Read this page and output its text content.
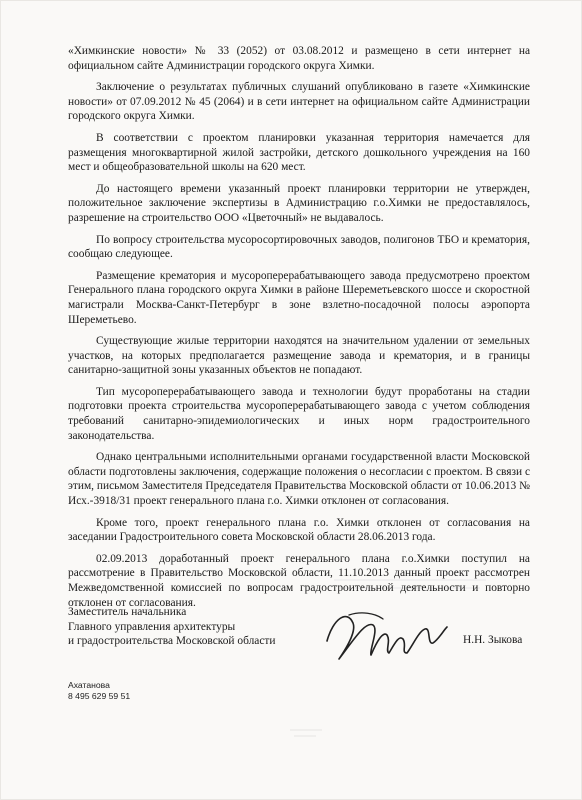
«Химкинские новости» № 33 (2052) от 03.08.2012 и размещено в сети интернет на официальном сайте Администрации городского округа Химки.

Заключение о результатах публичных слушаний опубликовано в газете «Химкинские новости» от 07.09.2012 № 45 (2064) и в сети интернет на официальном сайте Администрации городского округа Химки.

В соответствии с проектом планировки указанная территория намечается для размещения многоквартирной жилой застройки, детского дошкольного учреждения на 160 мест и общеобразовательной школы на 620 мест.

До настоящего времени указанный проект планировки территории не утвержден, положительное заключение экспертизы в Администрацию г.о.Химки не предоставлялось, разрешение на строительство ООО «Цветочный» не выдавалось.

По вопросу строительства мусоросортировочных заводов, полигонов ТБО и крематория, сообщаю следующее.

Размещение крематория и мусороперерабатывающего завода предусмотрено проектом Генерального плана городского округа Химки в районе Шереметьевского шоссе и скоростной магистрали Москва-Санкт-Петербург в зоне взлетно-посадочной полосы аэропорта Шереметьево.

Существующие жилые территории находятся на значительном удалении от земельных участков, на которых предполагается размещение завода и крематория, и в границы санитарно-защитной зоны указанных объектов не попадают.

Тип мусороперерабатывающего завода и технологии будут проработаны на стадии подготовки проекта строительства мусороперерабатывающего завода с учетом соблюдения требований санитарно-эпидемиологических и иных норм градостроительного законодательства.

Однако центральными исполнительными органами государственной власти Московской области подготовлены заключения, содержащие положения о несогласии с проектом. В связи с этим, письмом Заместителя Председателя Правительства Московской области от 10.06.2013 № Исх.-3918/31 проект генерального плана г.о. Химки отклонен от согласования.

Кроме того, проект генерального плана г.о. Химки отклонен от согласования на заседании Градостроительного совета Московской области 28.06.2013 года.

02.09.2013 доработанный проект генерального плана г.о.Химки поступил на рассмотрение в Правительство Московской области, 11.10.2013 данный проект рассмотрен Межведомственной комиссией по вопросам градостроительной деятельности и повторно отклонен от согласования.

Заместитель начальника
Главного управления архитектуры
и градостроительства Московской области	Н.Н. Зыкова
Ахатанова
8 495 629 59 51
